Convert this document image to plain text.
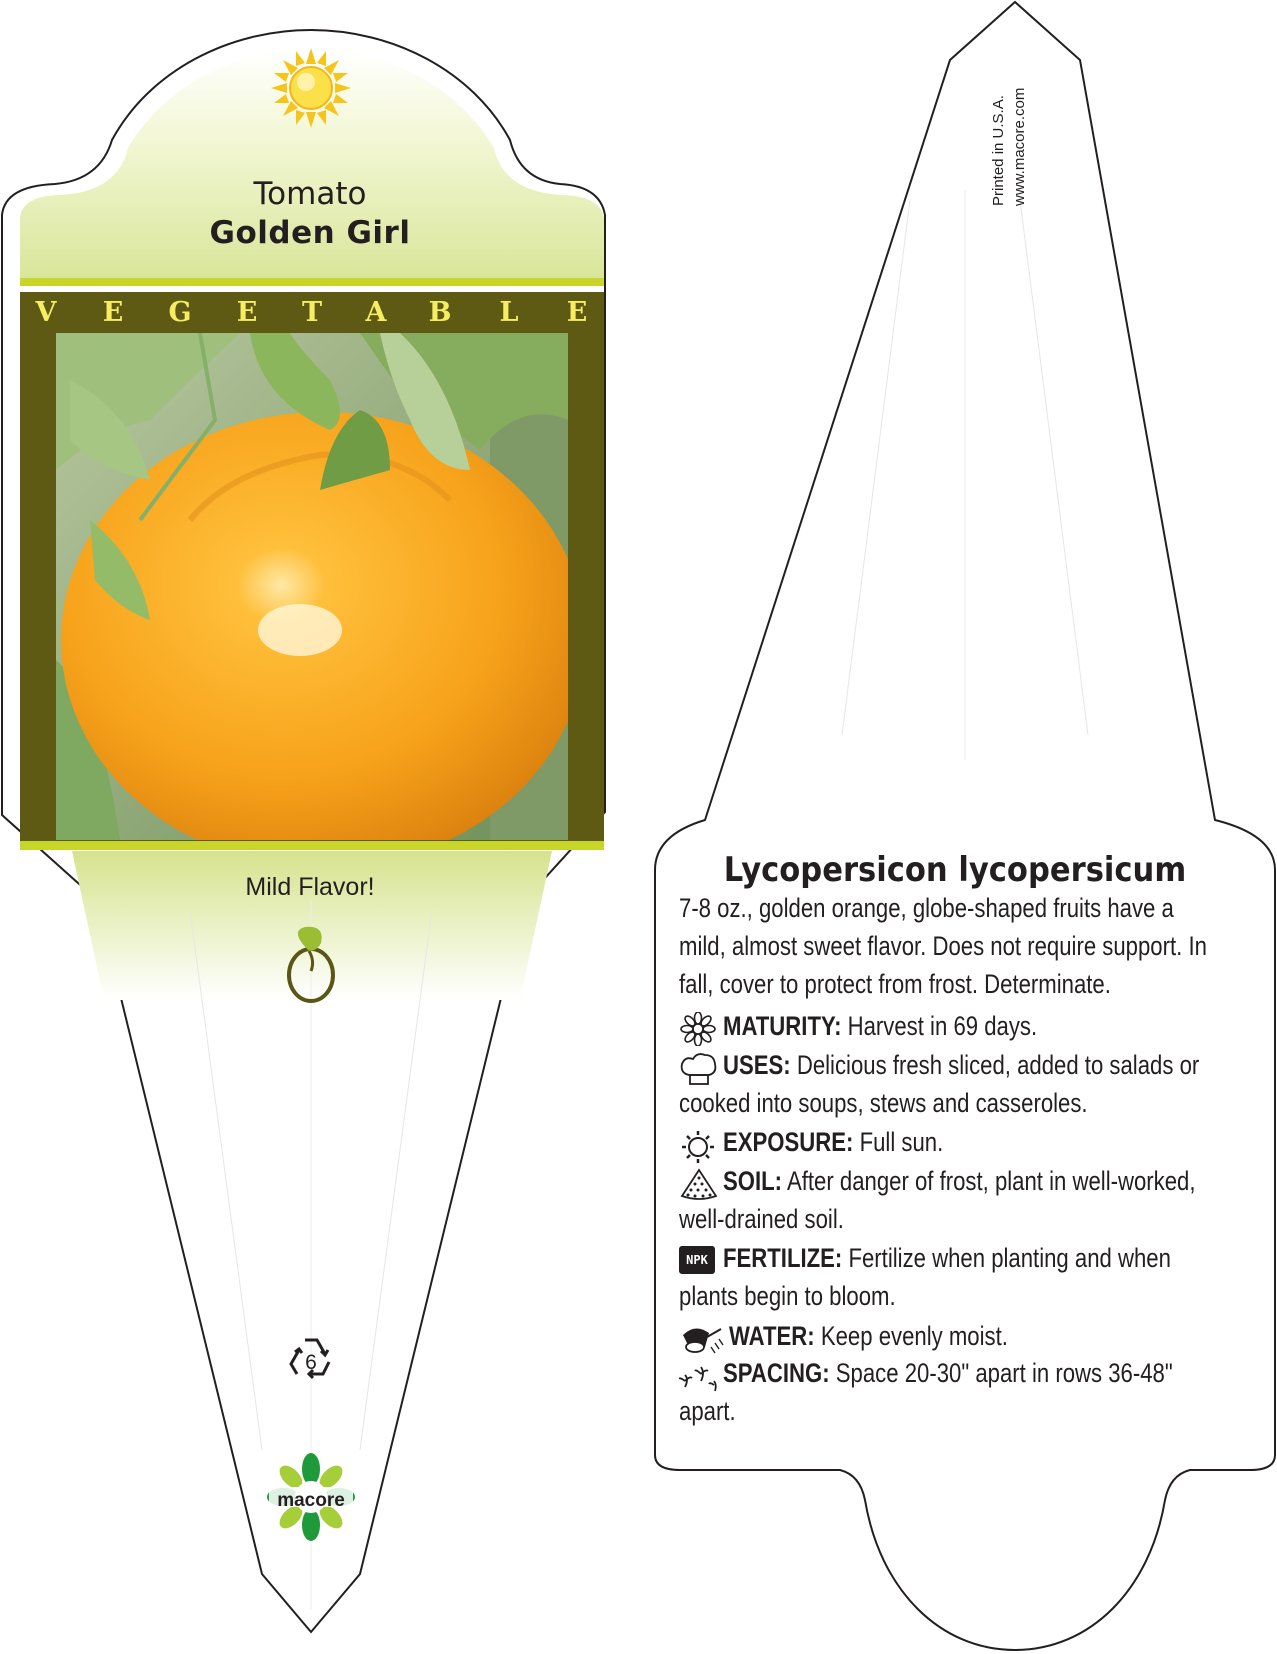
Tomato

Golden Girl

V	E	G	E	T	A	B	L	E

Mild Flavor!

6

macore

Printed in U.S.A. www.macore.com

Lycopersicon lycopersicum

7-8 oz., golden orange, globe-shaped fruits have a
mild, almost sweet flavor. Does not require support. In
fall, cover to protect from frost. Determinate.
MATURITY: Harvest in 69 days.
USES: Delicious fresh sliced, added to salads or
cooked into soups, stews and casseroles.
EXPOSURE: Full sun.
SOIL: After danger of frost, plant in well-worked,
well-drained soil.
NPK FERTILIZE: Fertilize when planting and when
plants begin to bloom.
WATER: Keep evenly moist.
SPACING: Space 20-30" apart in rows 36-48"
apart.
